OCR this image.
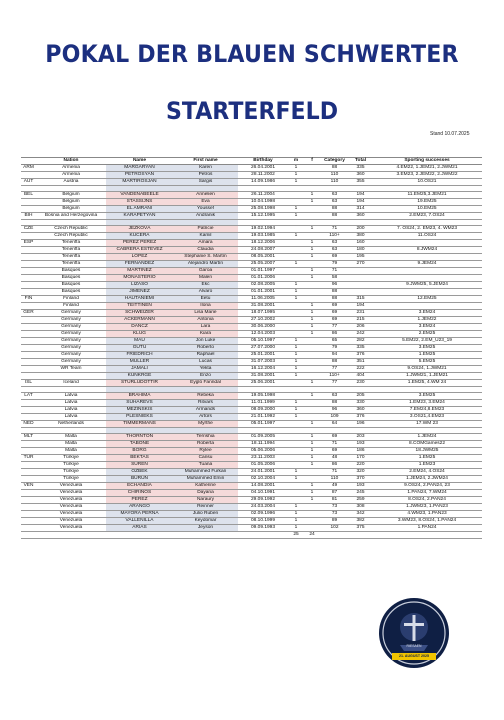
POKAL DER BLAUEN SCHWERTER
STARTERFELD
Stand 10.07.2025
	Nation	Name	First name	Birthday	m	f	Category	Total	Sporting successes
ARM	Armenia	MARGARYAN	Karen	26.04.2001	1		88	335	4.EM22, 1.JEM21, 2.JWM21
	Armenia	PETROSYAN	Petros	28.11.2002	1		110	360	3.EM23, 2.JEM22, 2.JWM22
AUT	Austria	MARTIROSJAN	Sargis	14.09.1986	1		110	355	10.OS21

BEL	Belgium	VANDENABEELE	Annelien	26.11.2004		1	63	194	11.EM25,3.JEM21
	Belgium	STASSIJNS	Eva	10.04.1998		1	63	194	19.EM25
	Belgium	EL AMRANI	Youssef	25.08.1998	1		88	314	10.EM25
BIH	Bosnia and Herzegovina	KARAPETYAN	Andranik	15.12.1995	1		88	360	2.EM23, 7.OS24

CZE	Czech Republic	JEŽKOVÁ	Patricie	19.02.1994		1	71	200	7. OS24, 2. EM23, 4. WM23
	Czech Republic	KUČERA	Kamil	19.03.1985	1		110+	380	11.OS24
ESP	Teneriffa	PEREZ PEREZ	Amara	18.12.2006		1	63	160	
	Teneriffa	CABRERA ESTÉVEZ	Claudia	24.08.2007		1	63	180	8.JWM24
	Teneriffa	LÓPEZ	Stephanie S. Martín	08.05.2001		1	69	195	
	Teneriffa	FERNÁNDEZ	Alejandro Martín	25.05.2007	1		79	270	9.JEM24
	Basques	MARTINEZ	Garoa	01.01.1997		1	71		
	Basques	MONASTERIO	Malen	01.01.2006		1	58		
	Basques	LIZASO	Ekc	02.08.2005	1		96		9.JWM25, 5.JEM24
	Basques	JIMENEZ	Alvaro	01.01.2001	1		88		
FIN	Finland	HAUTANIEMI	Eetu	11.06.2005	1		88	315	12.EM25
	Finland	TEITTINEN	Ilona	31.08.2001		1	69	194	
GER	Germany	SCHWEIZER	Lisa Marie	18.07.1995		1	69	231	3.EM24
	Germany	ACKERMANN	Antonia	27.10.2002		1	69	215	1.JEM22
	Germany	DANCZ	Lara	30.06.2000		1	77	206	3.EM24
	Germany	KLUG	Kiara	12.04.2003		1	86	242	2.EM25
	Germany	MAU	Jon Luke	05.10.1997	1		65	282	5.EM22, 2.EM_U23_19
	Germany	GUTU	Roberto	27.07.2000	1		79	335	3.EM25
	Germany	FRIEDRICH	Raphael	25.01.2001	1		94	376	1.EM25
	Germany	MÜLLER	Lucas	31.07.2003	1		88	351	5.EM25
	WR Team	JAMALI	Yekta	16.12.2004	1		77	222	9.OS24, 1.JWM21
		KUNKRGE	Enzo	31.08.2001	1		110+	404	1.JWM21, 1.JEM21
ISL	Iceland	STURLUDÓTTIR	Eygló Fanndal	25.06.2001		1	77	230	1.EM25, 4.WM 24

LAT	Latvia	BRAHIMA	Rebeka	19.05.1998		1	63	205	3.EM25
	Latvia	SUHAREVS	Ritvars	11.01.1999	1		88	330	1.EM23, 3.EM24
	Latvia	MEŽINSKIS	Armands	08.09.2000	1		96	360	7.EM24,8.EM23
	Latvia	PLĒSNIEKS	Artūrs	21.01.1992	1		109	376	3.OS21,4.EM23
NED	Netherlands	TIMMERMANS	Myrthe	05.01.1997		1	64	196	17.WM 23

MLT	Malta	THORNTON	Terrishia	01.09.2005		1	69	203	1.JEM24
	Malta	TABONE	Roberta	18.11.1994		1	71	193	8.COMGames22
	Malta	BORG	Rylee	05.06.2006		1	69	186	18.JWM25
TUR	Türkiye	BEKTAS	Cansu	23.11.2003		1	48	170	1.EM25
	Türkiye	SUREN	Tuana	01.05.2006		1	86	220	1.EM23
	Türkiye	ÖZBEK	Muhammed Furkan	24.01.2001	1		71	320	2.EM24, 4.OS24
	Türkiye	BURUN	Muhammed Emin	02.10.2004	1		110	370	1.JEM24, 2.JWM24
VEN	Venezuela	ECHANDIA	Katherine	14.08.2001		1	49	193	9.OS24, 2.PAN24, 23
	Venezuela	CHIRINOS	Dayana	04.10.1991		1	87	245	1.PAN24, 7.WM24
	Venezuela	PEREZ	Naraury	29.09.1992		1	81	259	8.OS24, 2.PAN24
	Venezuela	ARANGO	Reinner	24.03.2004	1		73	308	1.JWM23, 1.PAN23
	Venezuela	MAYORA PERNA	Julio Ruben	02.09.1996	1		73	342	4.WM23, 1.PAN23
	Venezuela	VALLENILLA	Keydomar	08.10.1999	1		89	382	3.WM23, 8.OS24, 1.PAN24
	Venezuela	ARIAS	Jeyson	09.09.1993	1		102	375	1.PAN24
					25	24			
21. AUGUST 2025
RIESAEN
